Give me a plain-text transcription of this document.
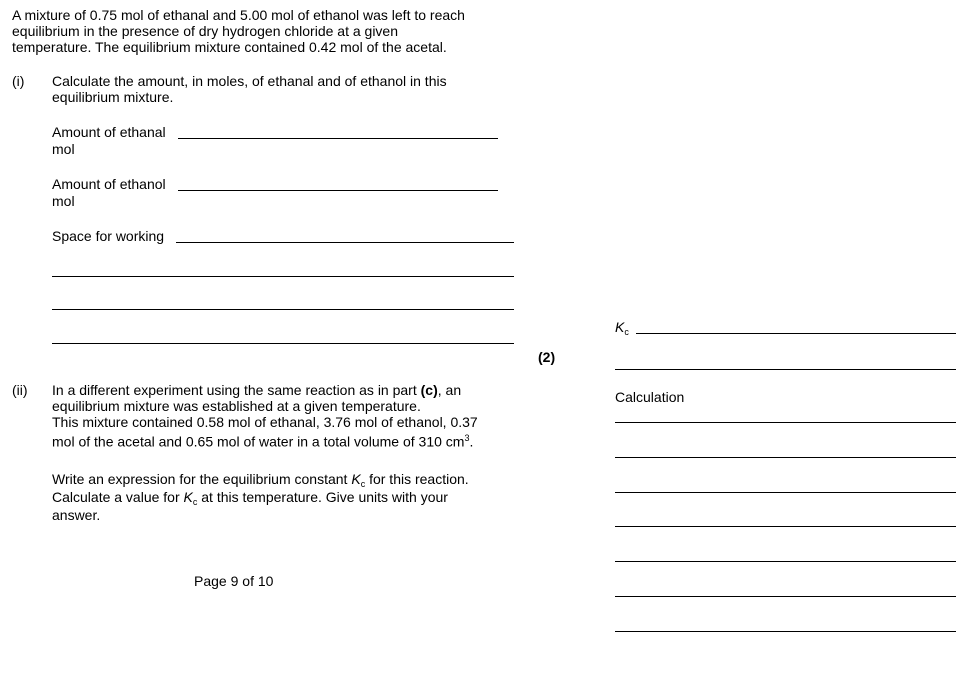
A mixture of 0.75 mol of ethanal and 5.00 mol of ethanol was left to reach
equilibrium in the presence of dry hydrogen chloride at a given
temperature. The equilibrium mixture contained 0.42 mol of the acetal.
(i) Calculate the amount, in moles, of ethanal and of ethanol in this
equilibrium mixture.
Amount of ethanal
mol
Amount of ethanol
mol
Space for working
(2)
(ii) In a different experiment using the same reaction as in part (c), an
equilibrium mixture was established at a given temperature.
This mixture contained 0.58 mol of ethanal, 3.76 mol of ethanol, 0.37
mol of the acetal and 0.65 mol of water in a total volume of 310 $cm^3$.
Write an expression for the equilibrium constant $K_c$ for this reaction.
Calculate a value for $K_c$ at this temperature. Give units with your
answer.
Page 9 of 10
$K_c$
Calculation
